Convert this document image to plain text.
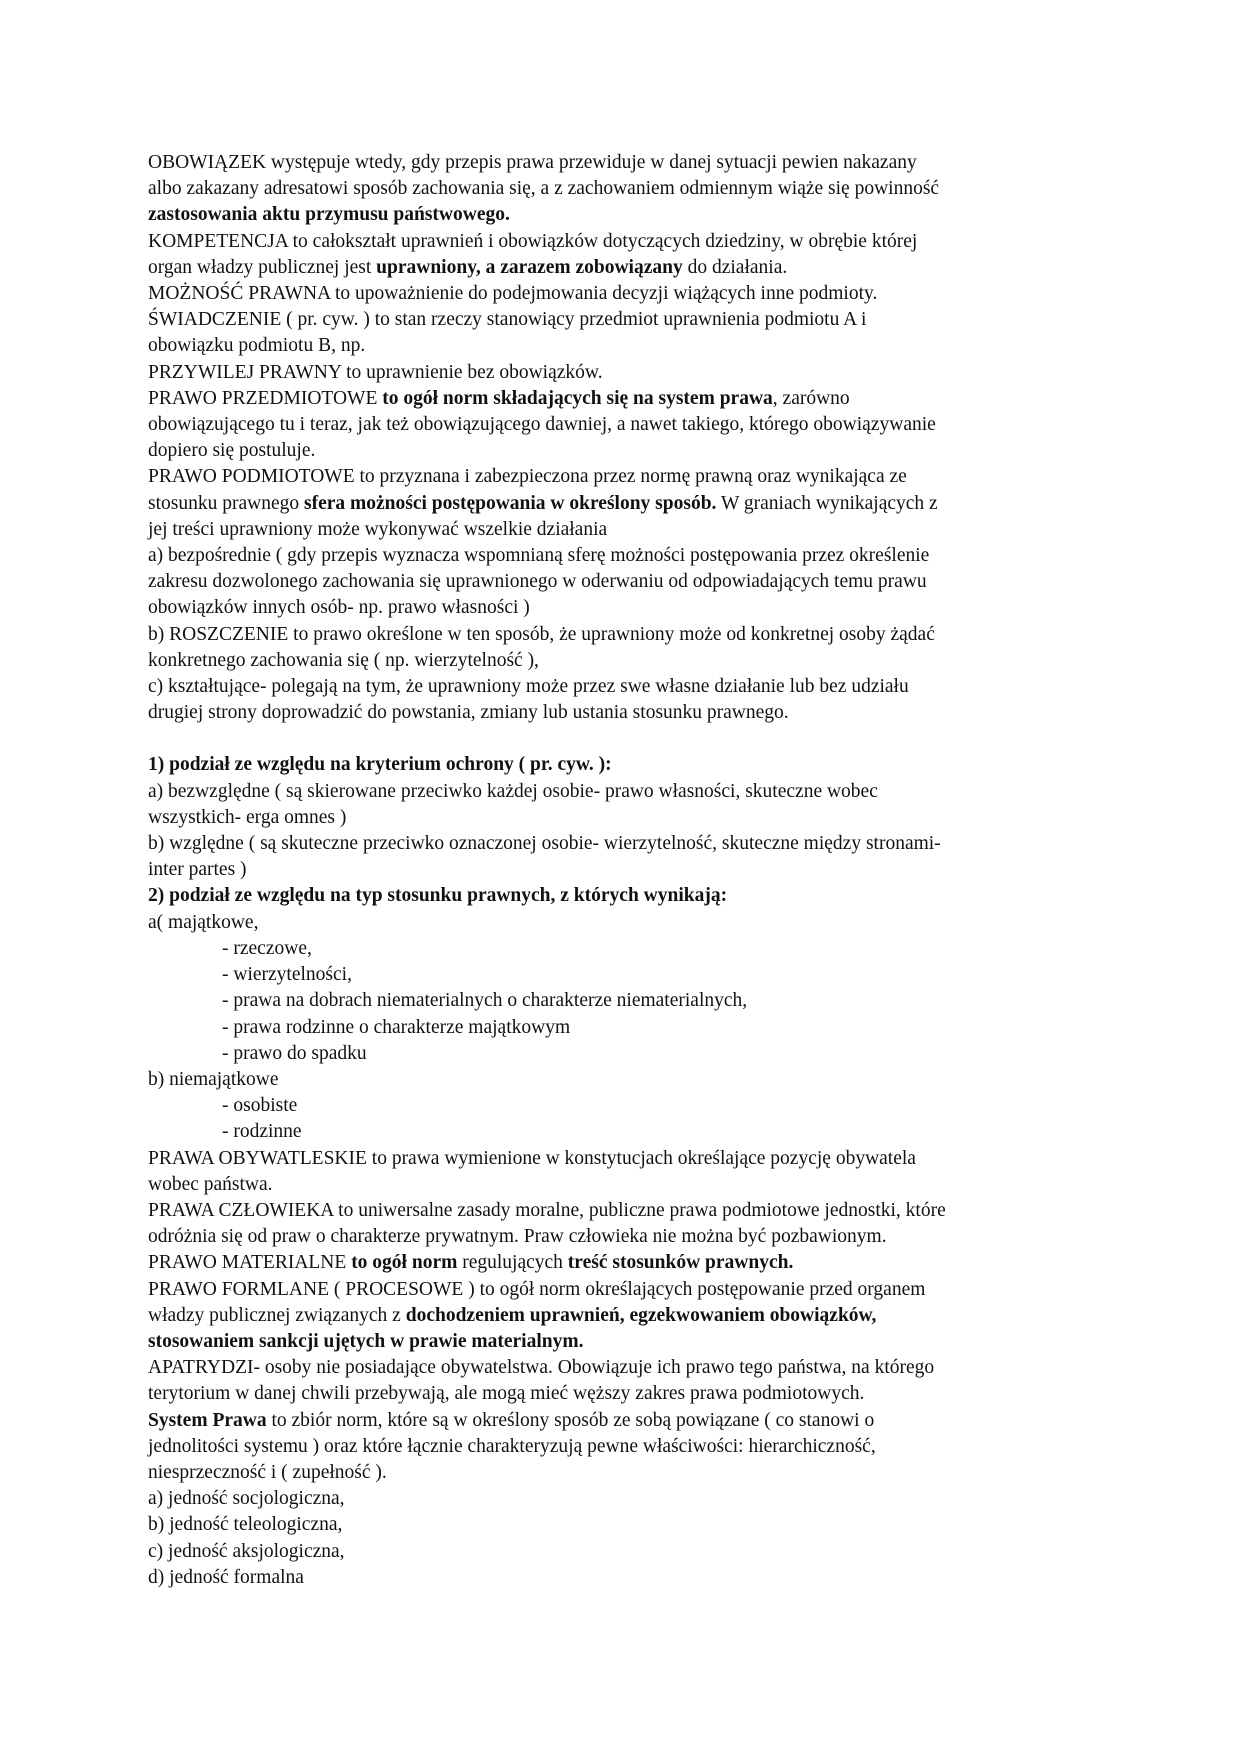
OBOWIĄZEK występuje wtedy, gdy przepis prawa przewiduje w danej sytuacji pewien nakazany
albo zakazany adresatowi sposób zachowania się, a z zachowaniem odmiennym wiąże się powinność
zastosowania aktu przymusu państwowego.
KOMPETENCJA to całokształt uprawnień i obowiązków dotyczących dziedziny, w obrębie której
organ władzy publicznej jest uprawniony, a zarazem zobowiązany do działania.
MOŻNOŚĆ PRAWNA to upoważnienie do podejmowania decyzji wiążących inne podmioty.
ŚWIADCZENIE ( pr. cyw. ) to stan rzeczy stanowiący przedmiot uprawnienia podmiotu A i
obowiązku podmiotu B, np.
PRZYWILEJ PRAWNY to uprawnienie bez obowiązków.
PRAWO PRZEDMIOTOWE to ogół norm składających się na system prawa, zarówno
obowiązującego tu i teraz, jak też obowiązującego dawniej, a nawet takiego, którego obowiązywanie
dopiero się postuluje.
PRAWO PODMIOTOWE to przyznana i zabezpieczona przez normę prawną oraz wynikająca ze
stosunku prawnego sfera możności postępowania w określony sposób. W graniach wynikających z
jej treści uprawniony może wykonywać wszelkie działania
a) bezpośrednie ( gdy przepis wyznacza wspomnianą sferę możności postępowania przez określenie
zakresu dozwolonego zachowania się uprawnionego w oderwaniu od odpowiadających temu prawu
obowiązków innych osób- np. prawo własności )
b) ROSZCZENIE to prawo określone w ten sposób, że uprawniony może od konkretnej osoby żądać
konkretnego zachowania się ( np. wierzytelność ),
c) kształtujące- polegają na tym, że uprawniony może przez swe własne działanie lub bez udziału
drugiej strony doprowadzić do powstania, zmiany lub ustania stosunku prawnego.
1) podział ze względu na kryterium ochrony ( pr. cyw. ):
a) bezwzględne ( są skierowane przeciwko każdej osobie- prawo własności, skuteczne wobec
wszystkich- erga omnes )
b) względne ( są skuteczne przeciwko oznaczonej osobie- wierzytelność, skuteczne między stronami-
inter partes )
2) podział ze względu na typ stosunku prawnych, z których wynikają:
a( majątkowe,
- rzeczowe,
- wierzytelności,
- prawa na dobrach niematerialnych o charakterze niematerialnych,
- prawa rodzinne o charakterze majątkowym
- prawo do spadku
b) niemajątkowe
- osobiste
- rodzinne
PRAWA OBYWATLESKIE to prawa wymienione w konstytucjach określające pozycję obywatela
wobec państwa.
PRAWA CZŁOWIEKA to uniwersalne zasady moralne, publiczne prawa podmiotowe jednostki, które
odróżnia się od praw o charakterze prywatnym. Praw człowieka nie można być pozbawionym.
PRAWO MATERIALNE to ogół norm regulujących treść stosunków prawnych.
PRAWO FORMLANE ( PROCESOWE ) to ogół norm określających postępowanie przed organem
władzy publicznej związanych z dochodzeniem uprawnień, egzekwowaniem obowiązków,
stosowaniem sankcji ujętych w prawie materialnym.
APATRYDZI- osoby nie posiadające obywatelstwa. Obowiązuje ich prawo tego państwa, na którego
terytorium w danej chwili przebywają, ale mogą mieć węższy zakres prawa podmiotowych.
System Prawa to zbiór norm, które są w określony sposób ze sobą powiązane ( co stanowi o
jednolitości systemu ) oraz które łącznie charakteryzują pewne właściwości: hierarchiczność,
niesprzeczność i ( zupełność ).
a) jedność socjologiczna,
b) jedność teleologiczna,
c) jedność aksjologiczna,
d) jedność formalna
